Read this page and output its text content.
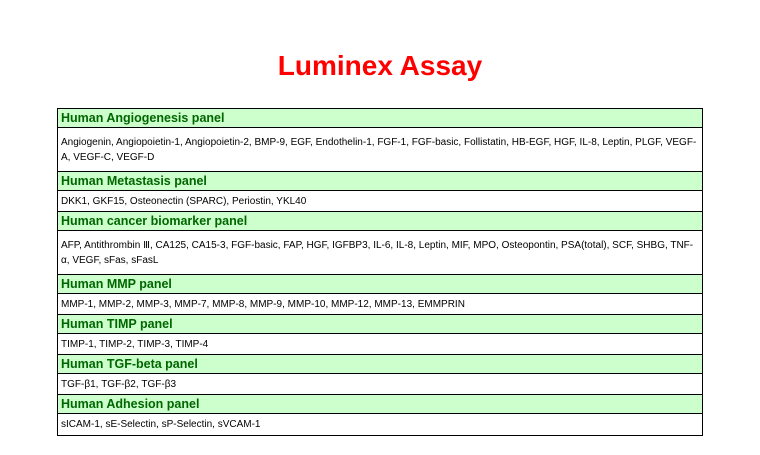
Luminex Assay
Human Angiogenesis panel
Angiogenin, Angiopoietin-1, Angiopoietin-2, BMP-9, EGF, Endothelin-1, FGF-1, FGF-basic, Follistatin, HB-EGF, HGF, IL-8, Leptin, PLGF, VEGF-A, VEGF-C, VEGF-D
Human Metastasis panel
DKK1, GKF15, Osteonectin (SPARC), Periostin, YKL40
Human cancer biomarker panel
AFP, Antithrombin Ⅲ, CA125, CA15-3, FGF-basic, FAP, HGF, IGFBP3, IL-6, IL-8, Leptin, MIF, MPO, Osteopontin, PSA(total), SCF, SHBG, TNF-α, VEGF, sFas, sFasL
Human MMP panel
MMP-1, MMP-2, MMP-3, MMP-7, MMP-8, MMP-9, MMP-10, MMP-12, MMP-13, EMMPRIN
Human TIMP panel
TIMP-1, TIMP-2, TIMP-3, TIMP-4
Human TGF-beta panel
TGF-β1, TGF-β2, TGF-β3
Human Adhesion panel
sICAM-1, sE-Selectin, sP-Selectin, sVCAM-1
